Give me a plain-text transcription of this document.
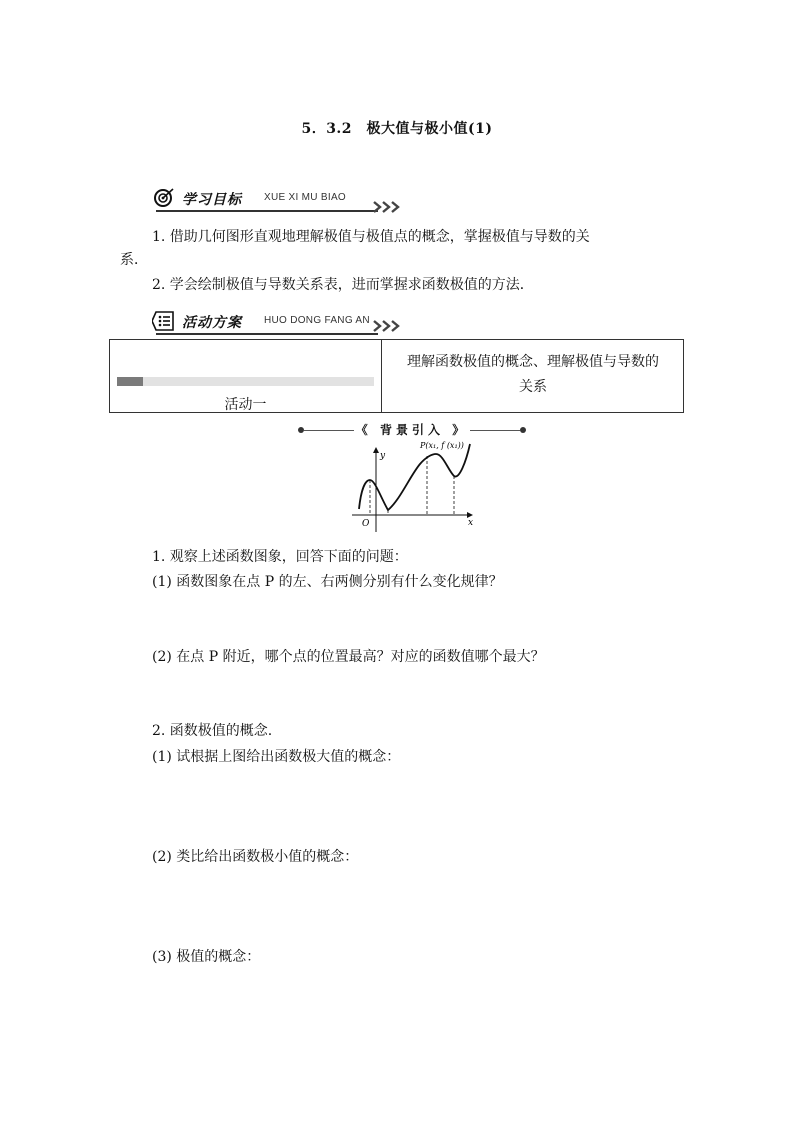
5．3.2　极大值与极小值(1)
学习目标 XUE XI MU BIAO
1. 借助几何图形直观地理解极值与极值点的概念，掌握极值与导数的关
系．
2. 学会绘制极值与导数关系表，进而掌握求函数极值的方法．
活动方案 HUO DONG FANG AN
活动一
理解函数极值的概念、理解极值与导数的
关系
《 背景引入 》
y
x
O
P(x₁, f (x₁))
1. 观察上述函数图象，回答下面的问题：
(1) 函数图象在点 P 的左、右两侧分别有什么变化规律？
(2) 在点 P 附近，哪个点的位置最高？对应的函数值哪个最大？
2. 函数极值的概念.
(1) 试根据上图给出函数极大值的概念：
(2) 类比给出函数极小值的概念：
(3) 极值的概念：
